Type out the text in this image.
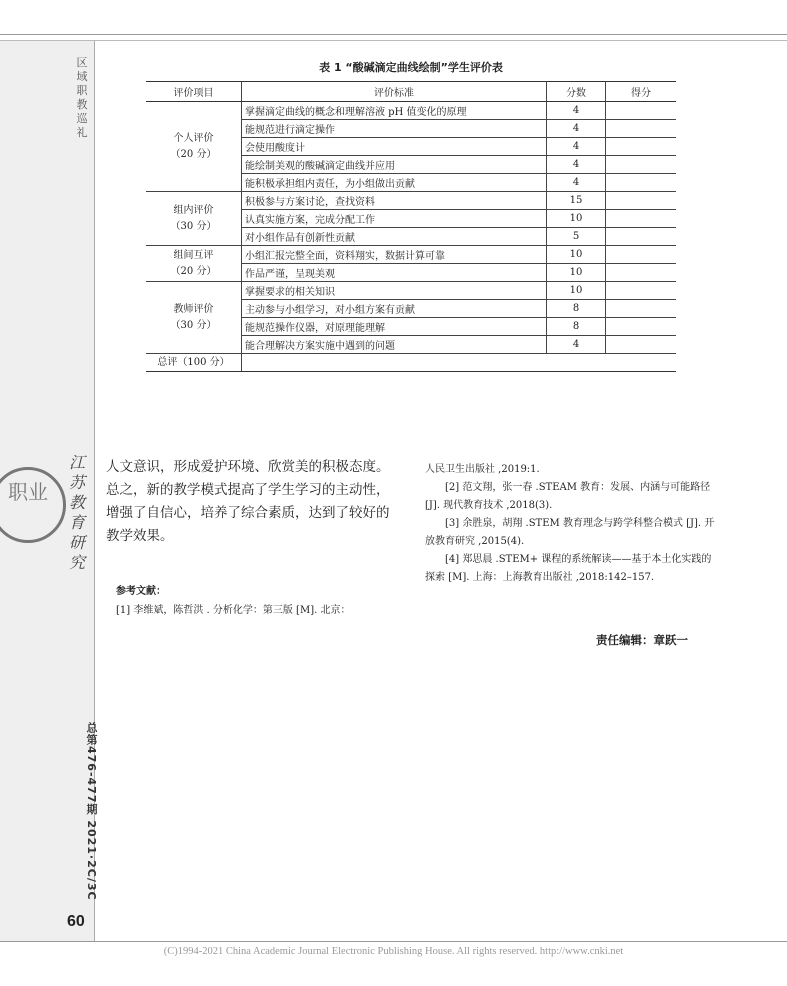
区域职教巡礼
职业
江苏教育研究
总第476-477期 2021·2C/3C
60
表 1 “酸碱滴定曲线绘制”学生评价表
评价项目	评价标准	分数	得分

个人评价
（20 分）	掌握滴定曲线的概念和理解溶液 pH 值变化的原理	4	
	能规范进行滴定操作	4	
	会使用酸度计	4	
	能绘制美观的酸碱滴定曲线并应用	4	
	能积极承担组内责任，为小组做出贡献	4	

组内评价
（30 分）	积极参与方案讨论，查找资料	15	
	认真实施方案，完成分配工作	10	
	对小组作品有创新性贡献	5	

组间互评
（20 分）	小组汇报完整全面，资料翔实，数据计算可靠	10	
	作品严谨，呈现美观	10	

教师评价
（30 分）	掌握要求的相关知识	10	
	主动参与小组学习，对小组方案有贡献	8	
	能规范操作仪器，对原理能理解	8	
	能合理解决方案实施中遇到的问题	4	
总评（100 分）			
人文意识，形成爱护环境、欣赏美的积极态度。总之，新的教学模式提高了学生学习的主动性，增强了自信心，培养了综合素质，达到了较好的教学效果。
参考文献：
[1] 李维斌，陈哲洪 . 分析化学：第三版 [M]. 北京：

人民卫生出版社 ,2019:1.

[2] 范文翔，张一春 .STEAM 教育：发展、内涵与可能路径 [J]. 现代教育技术 ,2018(3).

[3] 余胜泉，胡翔 .STEM 教育理念与跨学科整合模式 [J]. 开放教育研究 ,2015(4).

[4] 郑思晨 .STEM+ 课程的系统解读——基于本土化实践的探索 [M]. 上海：上海教育出版社 ,2018:142–157.

责任编辑：章跃一
(C)1994-2021 China Academic Journal Electronic Publishing House. All rights reserved. http://www.cnki.net
